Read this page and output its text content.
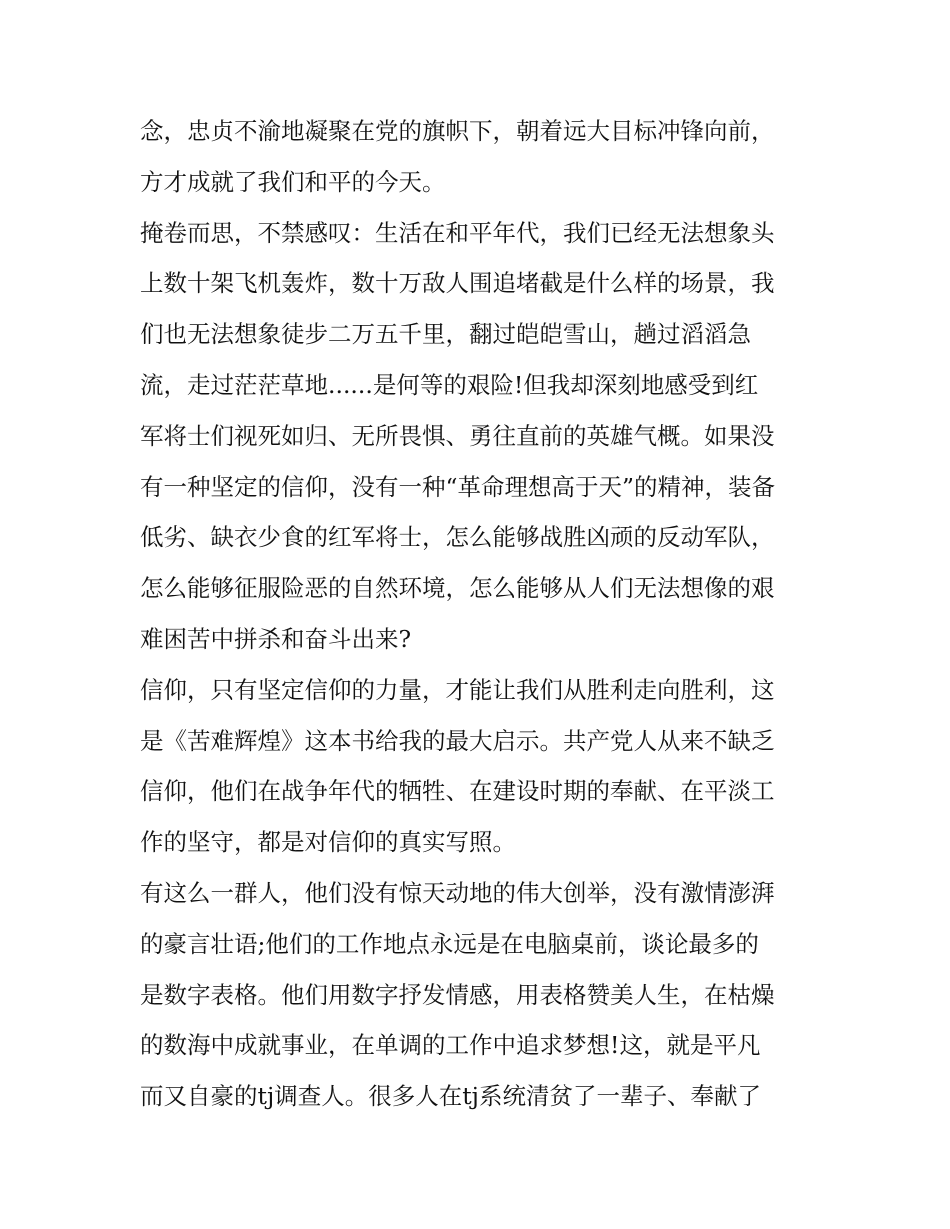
念，忠贞不渝地凝聚在党的旗帜下，朝着远大目标冲锋向前，
方才成就了我们和平的今天。
掩卷而思，不禁感叹：生活在和平年代，我们已经无法想象头
上数十架飞机轰炸，数十万敌人围追堵截是什么样的场景，我
们也无法想象徒步二万五千里，翻过皑皑雪山，趟过滔滔急
流，走过茫茫草地......是何等的艰险!但我却深刻地感受到红
军将士们视死如归、无所畏惧、勇往直前的英雄气概。如果没
有一种坚定的信仰，没有一种“革命理想高于天”的精神，装备
低劣、缺衣少食的红军将士，怎么能够战胜凶顽的反动军队，
怎么能够征服险恶的自然环境，怎么能够从人们无法想像的艰
难困苦中拼杀和奋斗出来?
信仰，只有坚定信仰的力量，才能让我们从胜利走向胜利，这
是《苦难辉煌》这本书给我的最大启示。共产党人从来不缺乏
信仰，他们在战争年代的牺牲、在建设时期的奉献、在平淡工
作的坚守，都是对信仰的真实写照。
有这么一群人，他们没有惊天动地的伟大创举，没有激情澎湃
的豪言壮语;他们的工作地点永远是在电脑桌前，谈论最多的
是数字表格。他们用数字抒发情感，用表格赞美人生，在枯燥
的数海中成就事业，在单调的工作中追求梦想!这，就是平凡
而又自豪的tj调查人。很多人在tj系统清贫了一辈子、奉献了
